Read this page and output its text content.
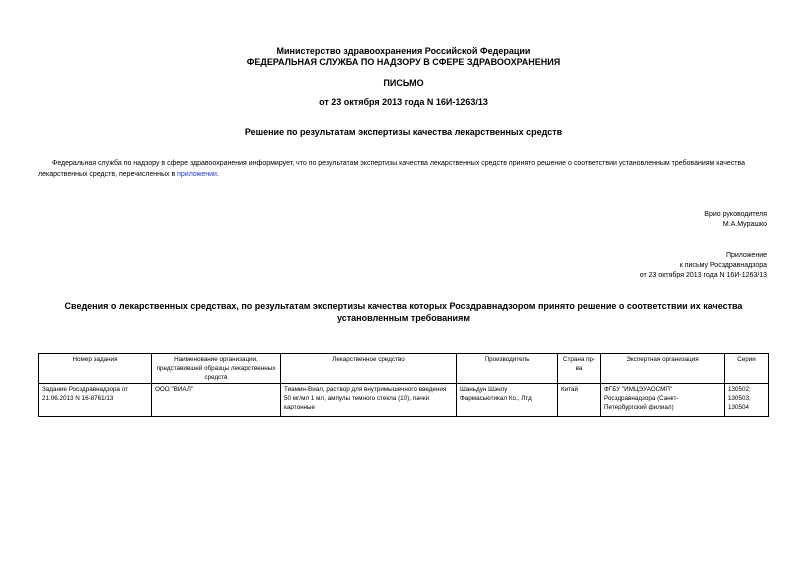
Министерство здравоохранения Российской Федерации
ФЕДЕРАЛЬНАЯ СЛУЖБА ПО НАДЗОРУ В СФЕРЕ ЗДРАВООХРАНЕНИЯ
ПИСЬМО
от 23 октября 2013 года N 16И-1263/13
Решение по результатам экспертизы качества лекарственных средств
Федеральная служба по надзору в сфере здравоохранения информирует, что по результатам экспертизы качества лекарственных средств принято решение о соответствии установленным требованиям качества лекарственных средств, перечисленных в приложении.
Врио руководителя
М.А.Мурашко
Приложение
к письму Росздравнадзора
от 23 октября 2013 года N 16И-1263/13
Сведения о лекарственных средствах, по результатам экспертизы качества которых Росздравнадзором принято решение о соответствии их качества
установленным требованиям
Номер задания	Наименование организации, представившей образцы лекарственных средств	Лекарственное средство	Производитель	Страна пр-ва	Экспертная организация	Серии
Задание Росздравнадзора от 21.06.2013 N 16-8761/13	ООО "ВИАЛ"	Тиамин-Виал, раствор для внутримышечного введения 50 мг/мл 1 мл, ампулы темного стекла (10), пачки картонные	Шаньдун Шэнлу Фармасьютикал Ко., Лтд	Китай	ФГБУ "ИМЦЭУАОСМП" Росздравнадзора (Санкт-Петербургский филиал)	130502; 130503; 130504
